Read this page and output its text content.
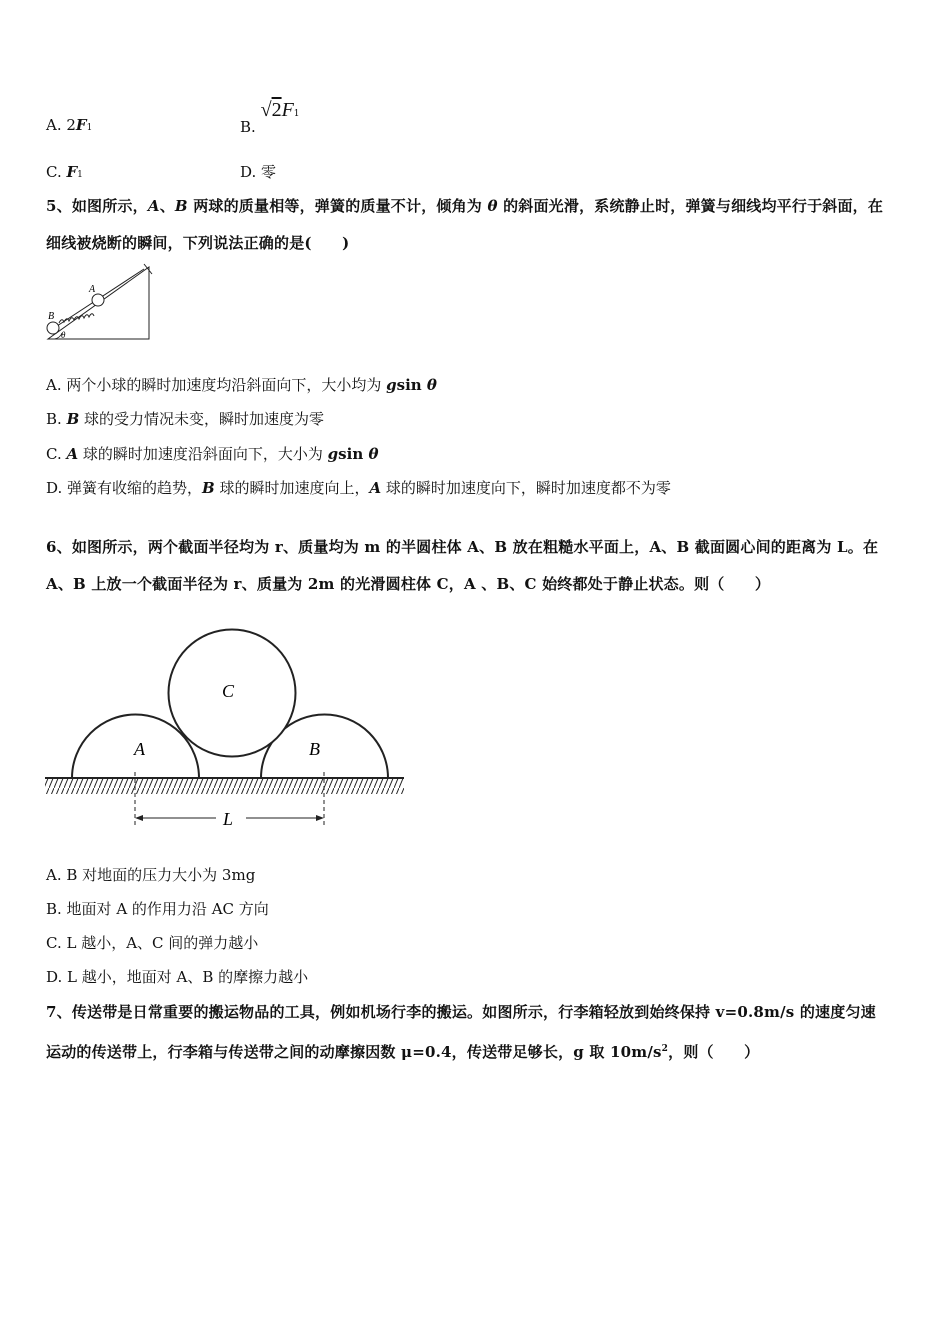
A. 2F1	B. √2F1
C. F1	D. 零
5、如图所示，A、B 两球的质量相等，弹簧的质量不计，倾角为 θ 的斜面光滑，系统静止时，弹簧与细线均平行于斜面，在
细线被烧断的瞬间，下列说法正确的是(　　)
A
B
θ
A. 两个小球的瞬时加速度均沿斜面向下，大小均为 gsin θ
B. B 球的受力情况未变，瞬时加速度为零
C. A 球的瞬时加速度沿斜面向下，大小为 gsin θ
D. 弹簧有收缩的趋势，B 球的瞬时加速度向上，A 球的瞬时加速度向下，瞬时加速度都不为零
6、如图所示，两个截面半径均为 r、质量均为 m 的半圆柱体 A、B 放在粗糙水平面上，A、B 截面圆心间的距离为 L。在
A、B 上放一个截面半径为 r、质量为 2m 的光滑圆柱体 C，A 、B、C 始终都处于静止状态。则（　　）
A	B
C
L
A. B 对地面的压力大小为 3mg
B. 地面对 A 的作用力沿 AC 方向
C. L 越小，A、C 间的弹力越小
D. L 越小，地面对 A、B 的摩擦力越小
7、传送带是日常重要的搬运物品的工具，例如机场行李的搬运。如图所示，行李箱轻放到始终保持 v=0.8m/s 的速度匀速
运动的传送带上，行李箱与传送带之间的动摩擦因数 μ=0.4，传送带足够长，g 取 $10m/s^2$，则（　　）
